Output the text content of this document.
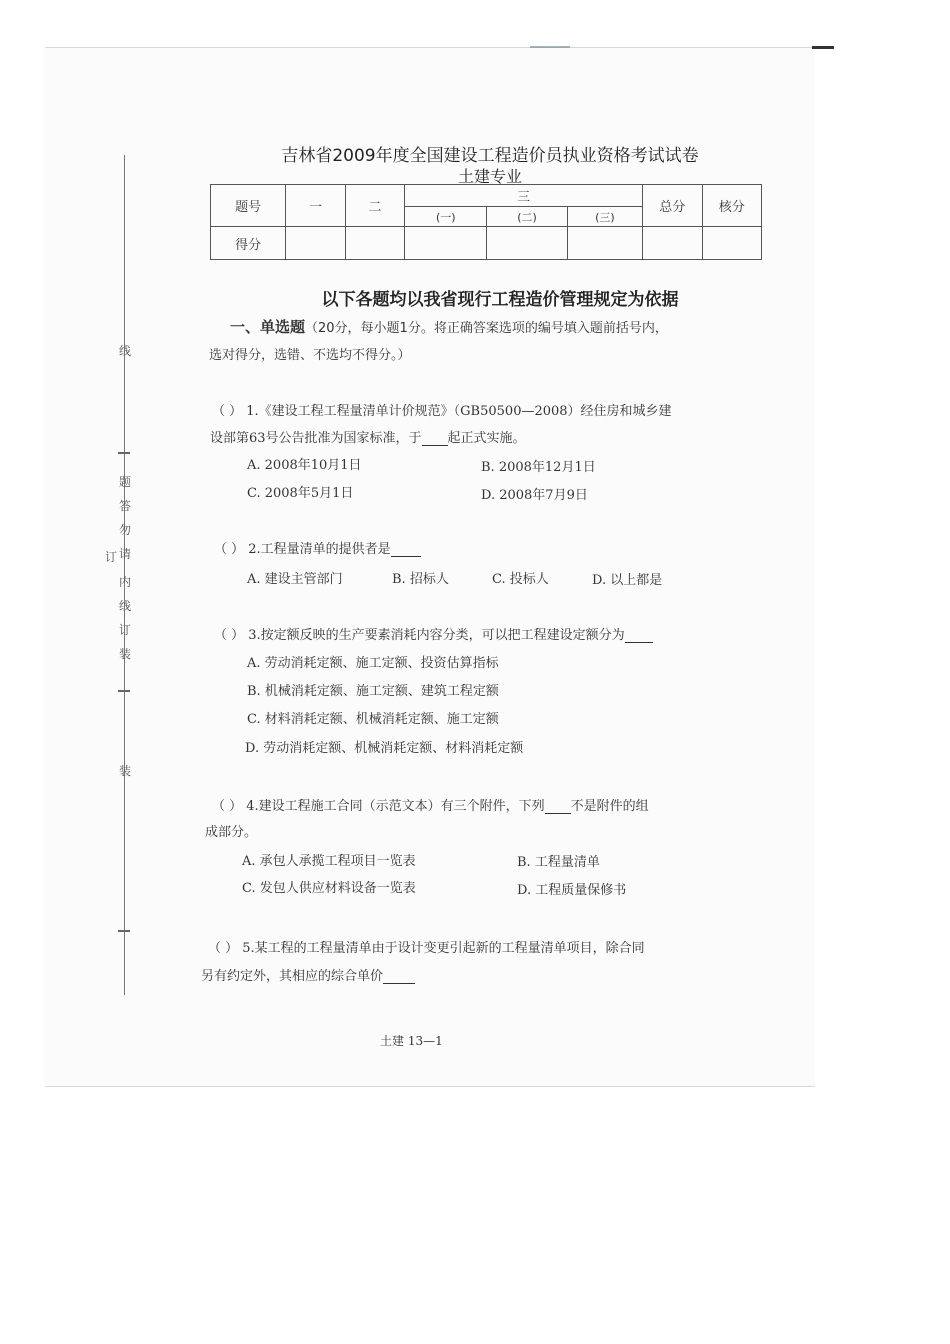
线
题
答
勿
请
内
线
订
装
订
装
吉林省2009年度全国建设工程造价员执业资格考试试卷
土建专业
题号	一	二	三			总分	核分
			(一)	(二)	(三)		
得分							
以下各题均以我省现行工程造价管理规定为依据
一、单选题（20分，每小题1分。将正确答案选项的编号填入题前括号内，
选对得分，选错、不选均不得分。）
（ ） 1.《建设工程工程量清单计价规范》（GB50500—2008）经住房和城乡建
设部第63号公告批准为国家标准，于 起正式实施。
A. 2008年10月1日	B. 2008年12月1日
C. 2008年5月1日	D. 2008年7月9日
（ ） 2.工程量清单的提供者是
A. 建设主管部门	B. 招标人	C. 投标人	D. 以上都是
（ ） 3.按定额反映的生产要素消耗内容分类，可以把工程建设定额分为
A. 劳动消耗定额、施工定额、投资估算指标
B. 机械消耗定额、施工定额、建筑工程定额
C. 材料消耗定额、机械消耗定额、施工定额
D. 劳动消耗定额、机械消耗定额、材料消耗定额
（ ） 4.建设工程施工合同（示范文本）有三个附件，下列 不是附件的组
成部分。
A. 承包人承揽工程项目一览表	B. 工程量清单
C. 发包人供应材料设备一览表	D. 工程质量保修书
（ ） 5.某工程的工程量清单由于设计变更引起新的工程量清单项目，除合同
另有约定外，其相应的综合单价
土建 13—1
